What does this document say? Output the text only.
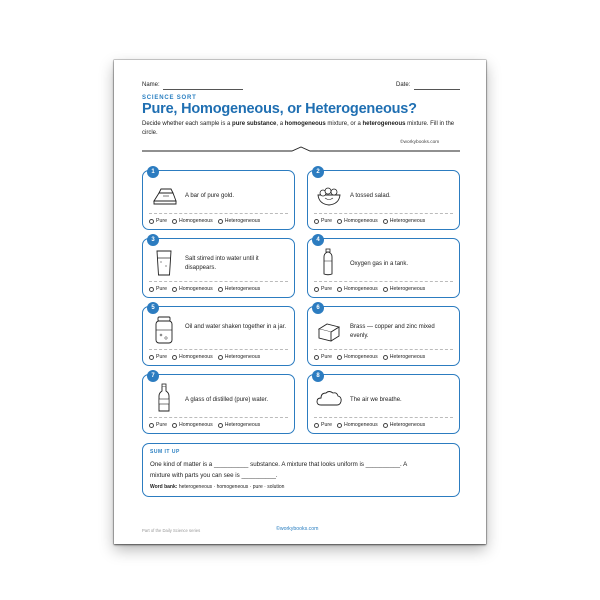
Name:	Date:
SCIENCE SORT
Pure, Homogeneous, or Heterogeneous?
Decide whether each sample is a pure substance, a homogeneous mixture, or a heterogeneous mixture. Fill in the circle.
©workybooks.com
1
A bar of pure gold.
Pure Homogeneous Heterogeneous
2
A tossed salad.
Pure Homogeneous Heterogeneous
3
Salt stirred into water until it disappears.
Pure Homogeneous Heterogeneous
4
Oxygen gas in a tank.
Pure Homogeneous Heterogeneous
5
Oil and water shaken together in a jar.
Pure Homogeneous Heterogeneous
6
Brass — copper and zinc mixed evenly.
Pure Homogeneous Heterogeneous
7
A glass of distilled (pure) water.
Pure Homogeneous Heterogeneous
8
The air we breathe.
Pure Homogeneous Heterogeneous
SUM IT UP
One kind of matter is a __________ substance. A mixture that looks uniform is __________. A
mixture with parts you can see is __________.
Word bank: heterogeneous · homogeneous · pure · solution
Part of the Daily Science series	©workybooks.com
